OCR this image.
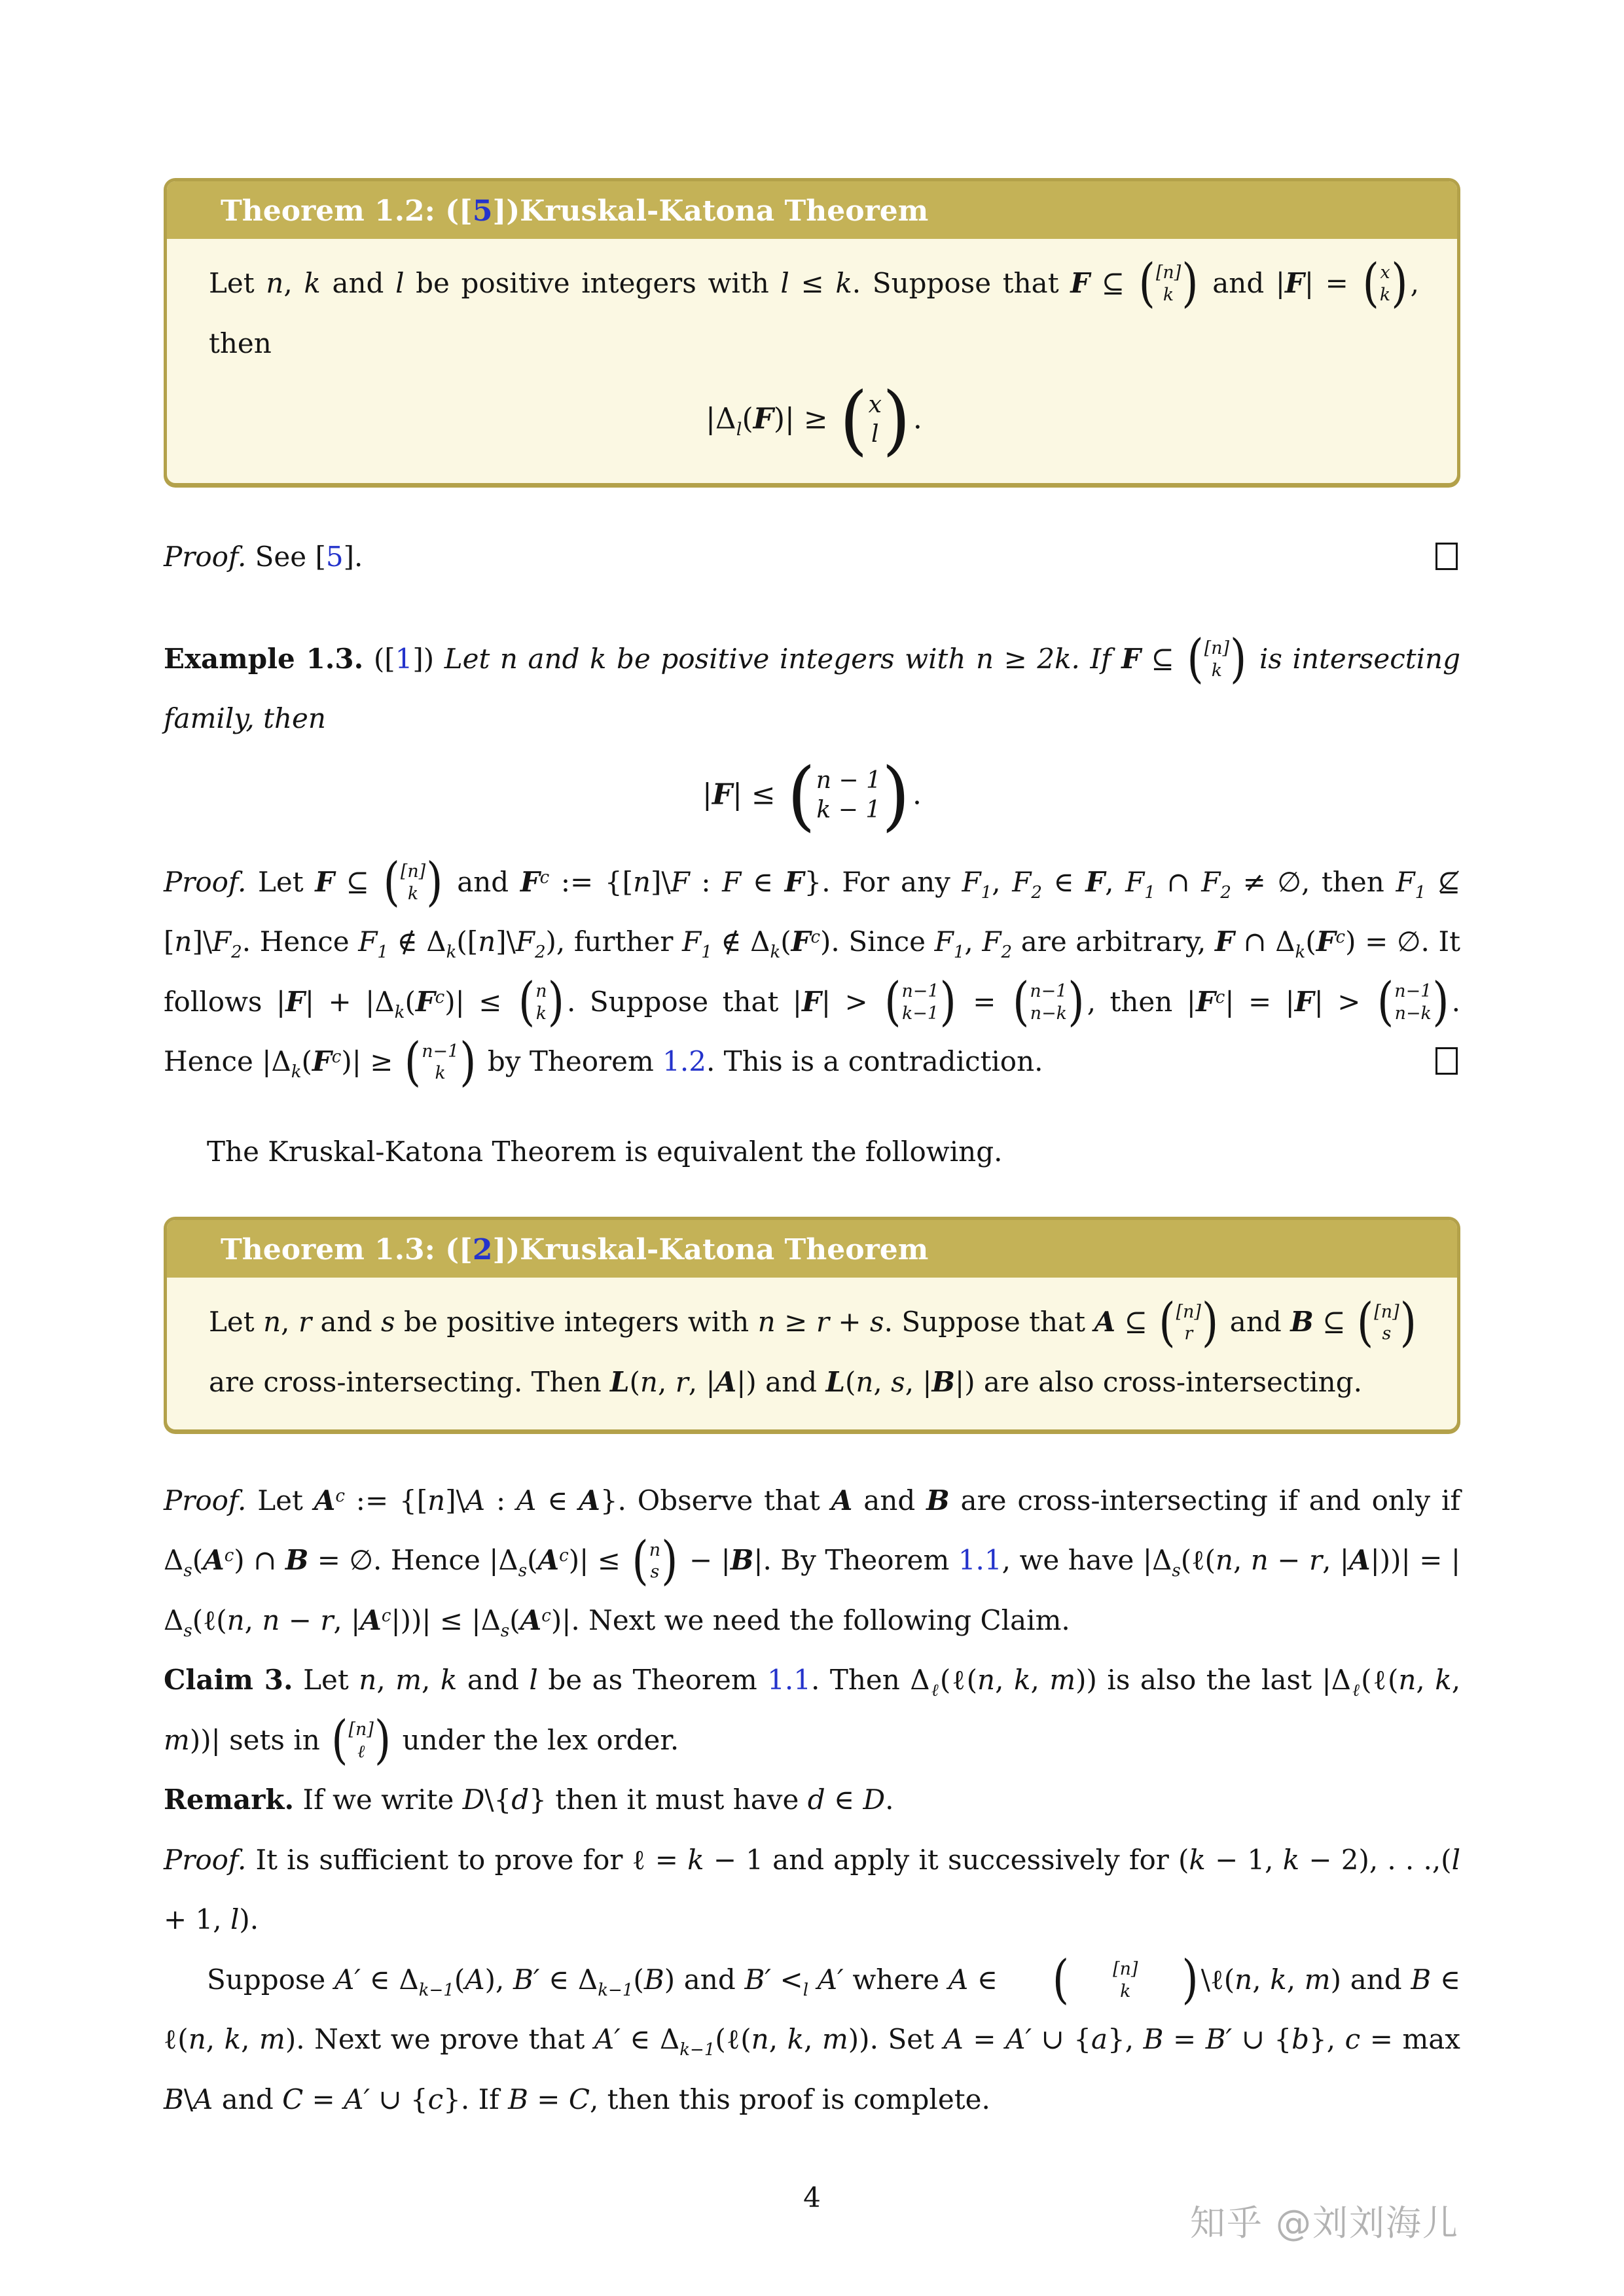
Theorem 1.2: ([5])Kruskal-Katona Theorem

Let n, k and l be positive integers with l ≤ k. Suppose that F ⊆ ( [n]
k ) and |F| = ( x
k ) , then

$|\Delta_l(F)|$ ≥ ( x
l ) .

Proof. See [5].

Example 1.3. ([1]) Let n and k be positive integers with n ≥ 2k. If F ⊆ ( [n]
k ) is intersecting family, then

|F| ≤ ( n − 1
k − 1 ) .

Proof. Let F ⊆ ( [n]
k ) and $F^c$ := {[n]\F : F ∈ F}. For any $F_1$, $F_2$ ∈ F, $F_1$ ∩ $F_2$ ≠ ∅, then $F_1$ ⊈ $[n]\backslash F_2$. Hence $F_1$ ∉ $\Delta_k([n]\backslash F_2)$, further $F_1$ ∉ $\Delta_k(F^c)$. Since $F_1$, $F_2$ are arbitrary, F ∩ $\Delta_k(F^c)$ = ∅. It follows $|F| + |\Delta_k(F^c)|$ ≤ ( n
k ) . Suppose that |F| > ( n−1
k−1 ) = ( n−1
n−k ) , then $|F^c| = |F|$ > ( n−1
n−k ) . Hence $|\Delta_k(F^c)|$ ≥ ( n−1
k ) by Theorem 1.2. This is a contradiction.

The Kruskal-Katona Theorem is equivalent the following.

Theorem 1.3: ([2])Kruskal-Katona Theorem

Let n, r and s be positive integers with n ≥ r + s. Suppose that A ⊆ ( [n]
r ) and B ⊆ ( [n]
s )
are cross-intersecting. Then L(n, r, |A|) and L(n, s, |B|) are also cross-intersecting.

Proof. Let $A^c$ := {[n]\A : A ∈ A}. Observe that A and B are cross-intersecting if and only if $\Delta_s(A^c)$ ∩ B = ∅. Hence $|\Delta_s(A^c)|$ ≤ ( n
s ) − |B|. By Theorem 1.1, we have $|\Delta_s(\ell(n$, n − r, $|A|))| = |\Delta_s(\ell(n$, n − r, $|A^c|))| \le |\Delta_s(A^c)|$. Next we need the following Claim.

Claim 3. Let n, m, k and l be as Theorem 1.1. Then $\Delta_\ell(\ell(n$, k, m)) is also the last $|\Delta_\ell(\ell(n$, k, m))| sets in ( [n]
ℓ ) under the lex order.

Remark. If we write D\{d} then it must have d ∈ D.

Proof. It is sufficient to prove for ℓ = k − 1 and apply it successively for (k − 1, k − 2), . . .,(l + 1, l).

Suppose A′ ∈ $\Delta_{k-1}(A)$, B′ ∈ $\Delta_{k-1}(B)$ and $B' <_l$ A′ where A ∈	(	[n]
k	) \ℓ(n, k, m) and B ∈ ℓ(n, k, m). Next we prove that A′ ∈ $\Delta_{k-1}(\ell(n$, k, m)). Set A = A′ ∪ {a}, B = B′ ∪ {b}, c = max B\A and C = A′ ∪ {c}. If B = C, then this proof is complete.

4
知乎 @刘刘海儿
